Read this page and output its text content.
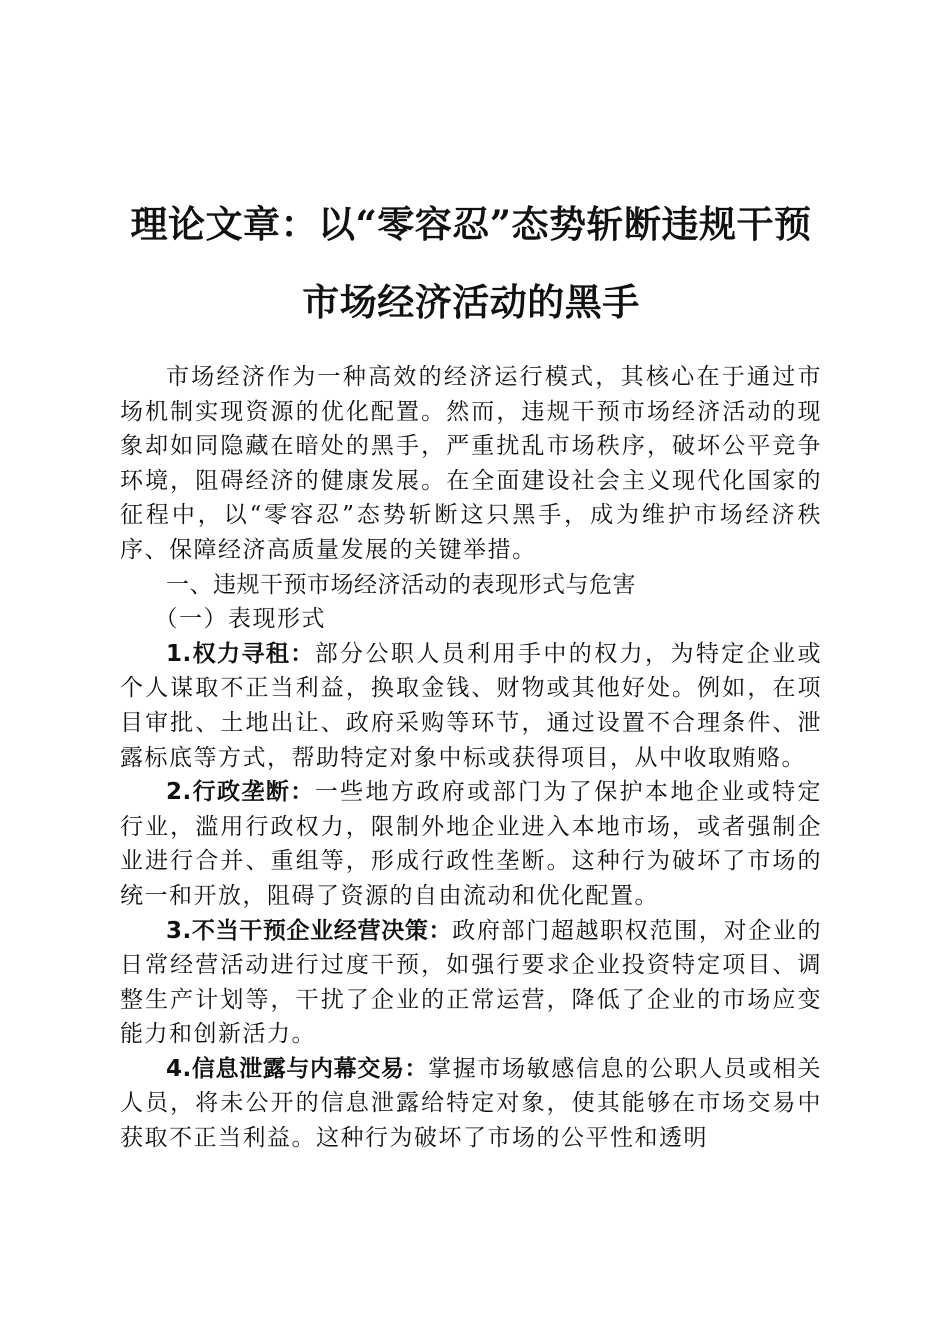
理论文章：以“零容忍”态势斩断违规干预市场经济活动的黑手

市场经济作为一种高效的经济运行模式，其核心在于通过市场机制实现资源的优化配置。然而，违规干预市场经济活动的现象却如同隐藏在暗处的黑手，严重扰乱市场秩序，破坏公平竞争环境，阻碍经济的健康发展。在全面建设社会主义现代化国家的征程中，以“零容忍”态势斩断这只黑手，成为维护市场经济秩序、保障经济高质量发展的关键举措。

一、违规干预市场经济活动的表现形式与危害

（一）表现形式

1.权力寻租：部分公职人员利用手中的权力，为特定企业或个人谋取不正当利益，换取金钱、财物或其他好处。例如，在项目审批、土地出让、政府采购等环节，通过设置不合理条件、泄露标底等方式，帮助特定对象中标或获得项目，从中收取贿赂。

2.行政垄断：一些地方政府或部门为了保护本地企业或特定行业，滥用行政权力，限制外地企业进入本地市场，或者强制企业进行合并、重组等，形成行政性垄断。这种行为破坏了市场的统一和开放，阻碍了资源的自由流动和优化配置。

3.不当干预企业经营决策：政府部门超越职权范围，对企业的日常经营活动进行过度干预，如强行要求企业投资特定项目、调整生产计划等，干扰了企业的正常运营，降低了企业的市场应变能力和创新活力。

4.信息泄露与内幕交易：掌握市场敏感信息的公职人员或相关人员，将未公开的信息泄露给特定对象，使其能够在市场交易中获取不正当利益。这种行为破坏了市场的公平性和透明
